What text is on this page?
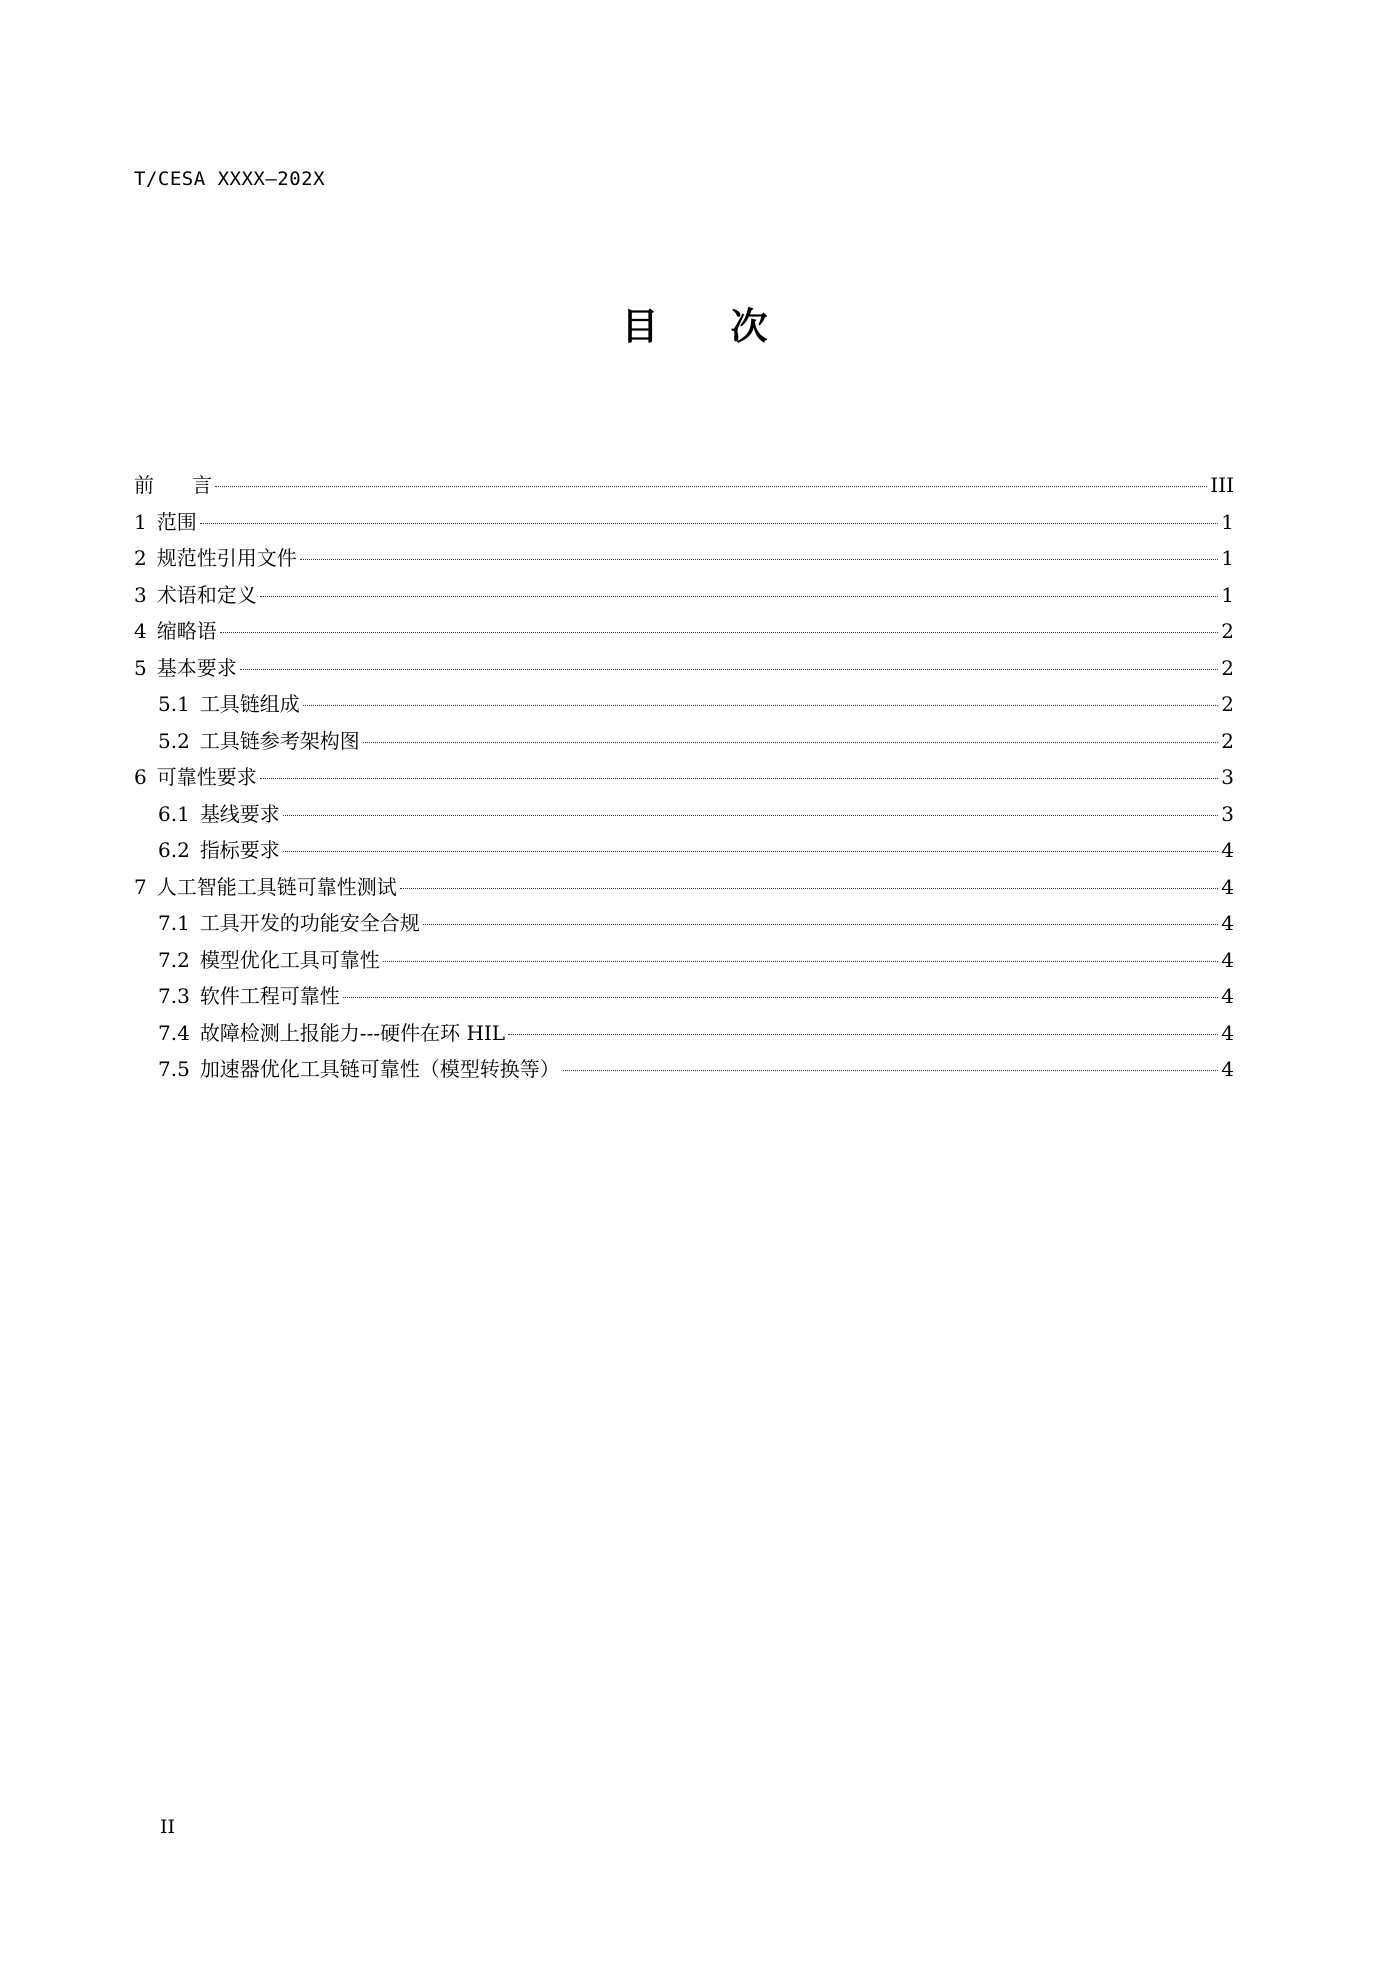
T/CESA XXXX—202X
目 次
前 言	III
1 范围	1
2 规范性引用文件	1
3 术语和定义	1
4 缩略语	2
5 基本要求	2
5.1 工具链组成	2
5.2 工具链参考架构图	2
6 可靠性要求	3
6.1 基线要求	3
6.2 指标要求	4
7 人工智能工具链可靠性测试	4
7.1 工具开发的功能安全合规	4
7.2 模型优化工具可靠性	4
7.3 软件工程可靠性	4
7.4 故障检测上报能力---硬件在环 HIL	4
7.5 加速器优化工具链可靠性（模型转换等）	4
II
